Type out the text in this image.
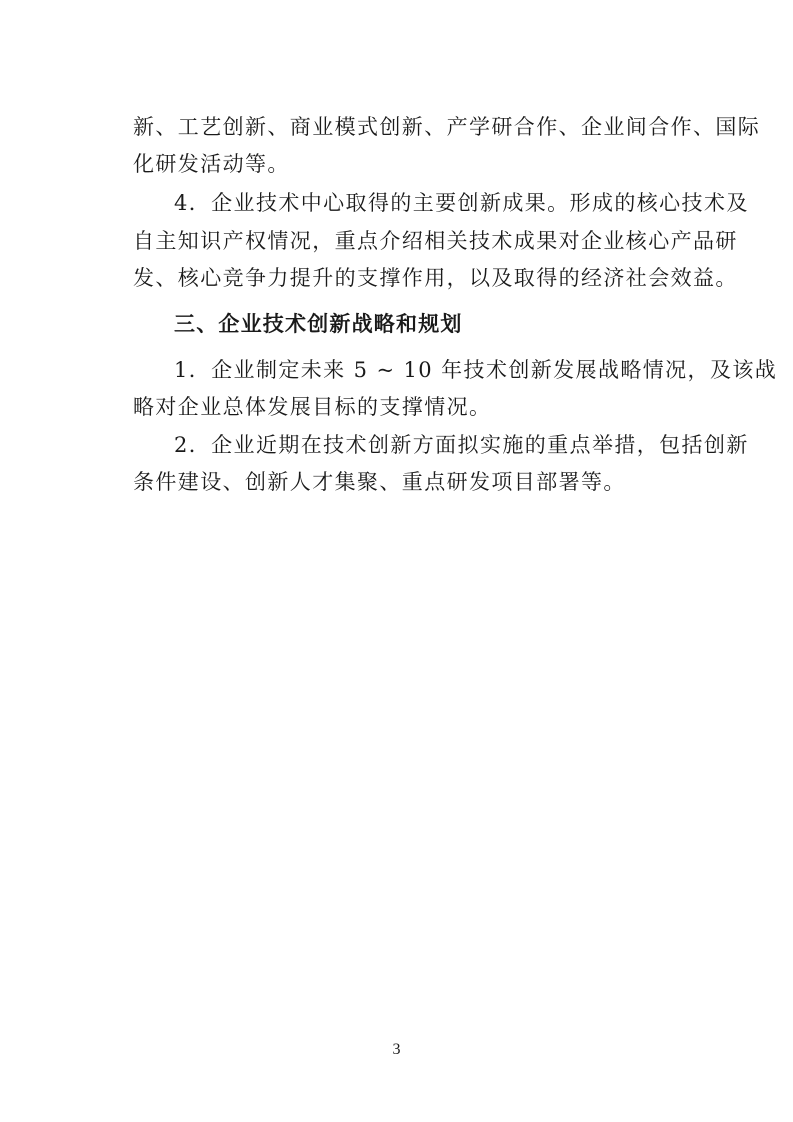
新、工艺创新、商业模式创新、产学研合作、企业间合作、国际
化研发活动等。
4．企业技术中心取得的主要创新成果。形成的核心技术及
自主知识产权情况，重点介绍相关技术成果对企业核心产品研
发、核心竞争力提升的支撑作用，以及取得的经济社会效益。
三、企业技术创新战略和规划
1．企业制定未来 5 ~ 10 年技术创新发展战略情况，及该战
略对企业总体发展目标的支撑情况。
2．企业近期在技术创新方面拟实施的重点举措，包括创新
条件建设、创新人才集聚、重点研发项目部署等。
3
